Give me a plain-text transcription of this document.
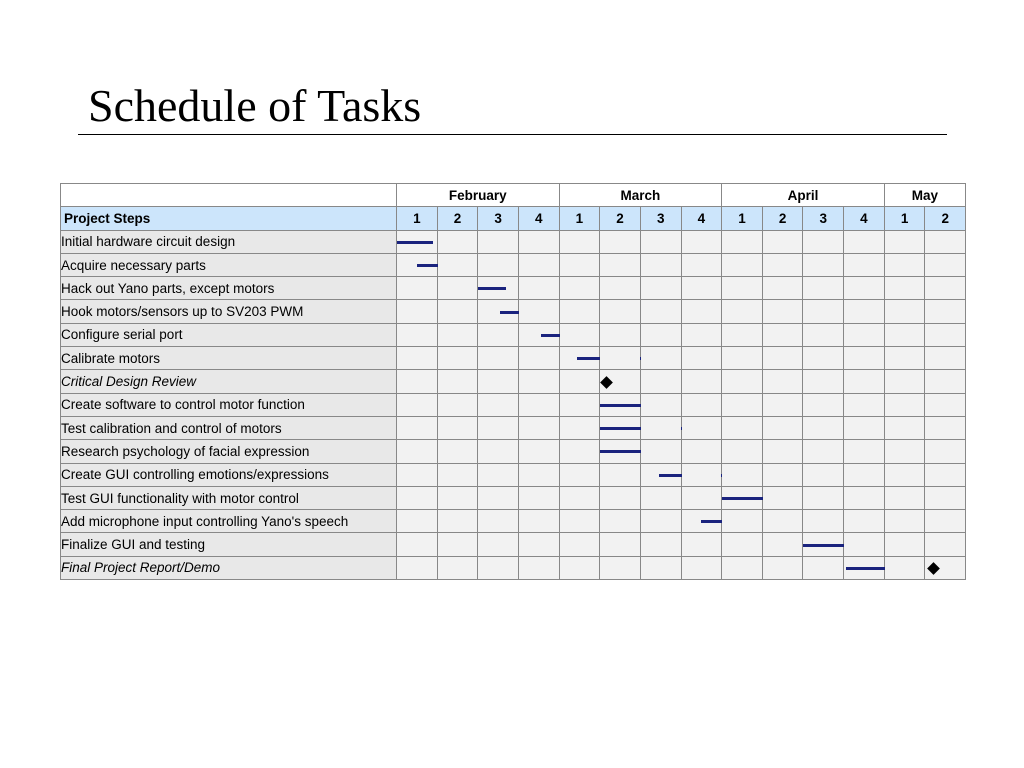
Schedule of Tasks
	February				March				April				May	
Project Steps	1	2	3	4	1	2	3	4	1	2	3	4	1	2
Initial hardware circuit design	

Acquire necessary parts	

Hack out Yano parts, except motors			

Hook motors/sensors up to SV203 PWM			

Configure serial port				

Calibrate motors					

Critical Design Review						

Create software to control motor function						

Test calibration and control of motors						

Research psychology of facial expression						

Create GUI controlling emotions/expressions							

Test GUI functionality with motor control									

Add microphone input controlling Yano's speech								

Finalize GUI and testing											

Final Project Report/Demo												
